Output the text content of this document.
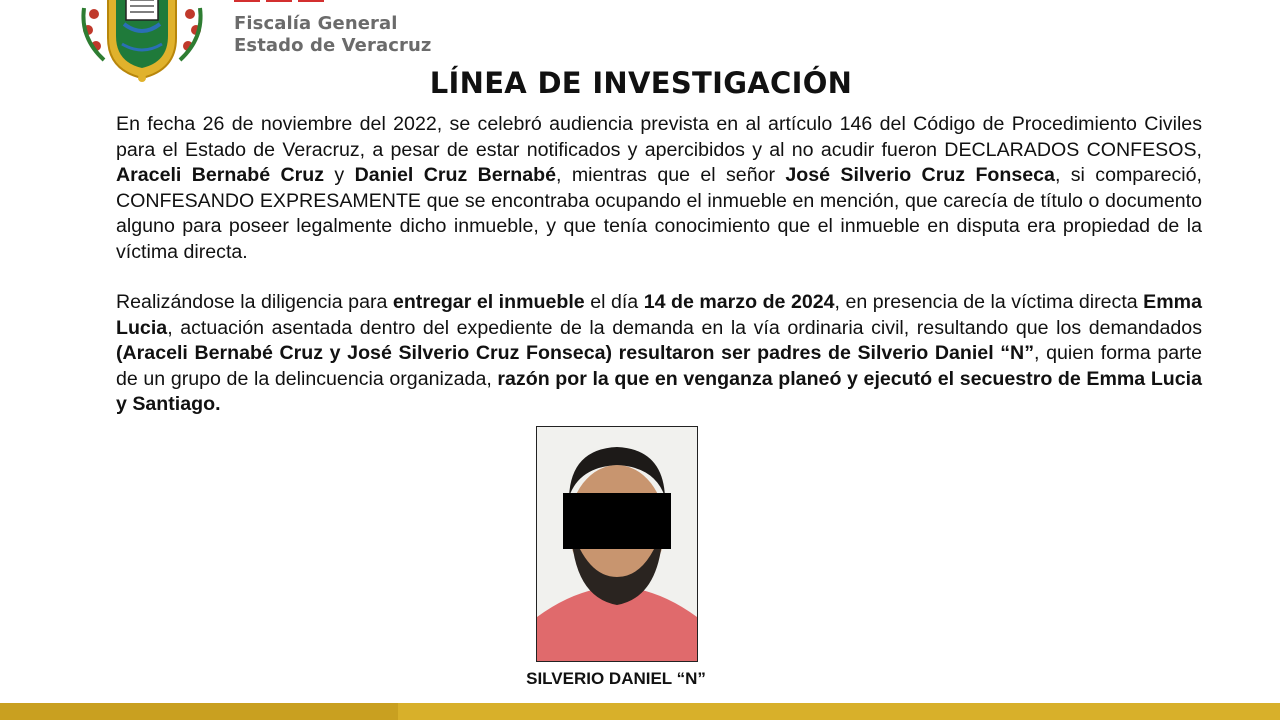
Fiscalía General
Estado de Veracruz
LÍNEA DE INVESTIGACIÓN
En fecha 26 de noviembre del 2022, se celebró audiencia prevista en al artículo 146 del Código de Procedimiento Civiles para el Estado de Veracruz, a pesar de estar notificados y apercibidos y al no acudir fueron DECLARADOS CONFESOS, Araceli Bernabé Cruz y Daniel Cruz Bernabé, mientras que el señor José Silverio Cruz Fonseca, si compareció, CONFESANDO EXPRESAMENTE que se encontraba ocupando el inmueble en mención, que carecía de título o documento alguno para poseer legalmente dicho inmueble, y que tenía conocimiento que el inmueble en disputa era propiedad de la víctima directa.
Realizándose la diligencia para entregar el inmueble el día 14 de marzo de 2024, en presencia de la víctima directa Emma Lucia, actuación asentada dentro del expediente de la demanda en la vía ordinaria civil, resultando que los demandados (Araceli Bernabé Cruz y José Silverio Cruz Fonseca) resultaron ser padres de Silverio Daniel “N”, quien forma parte de un grupo de la delincuencia organizada, razón por la que en venganza planeó y ejecutó el secuestro de Emma Lucia y Santiago.
SILVERIO DANIEL “N”
